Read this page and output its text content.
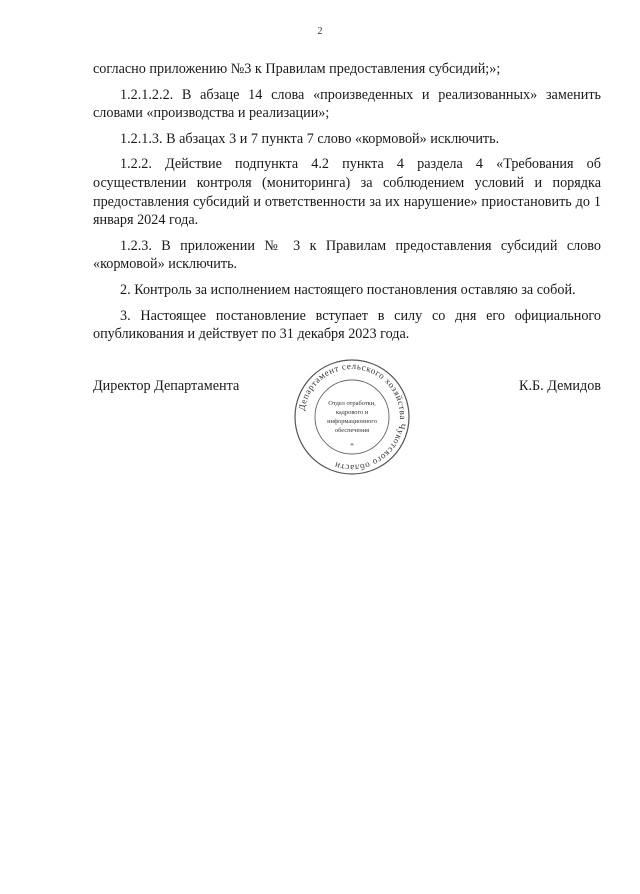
2

согласно приложению №3 к Правилам предоставления субсидий;»;

1.2.1.2.2. В абзаце 14 слова «произведенных и реализованных» заменить словами «производства и реализации»;

1.2.1.3. В абзацах 3 и 7 пункта 7 слово «кормовой» исключить.

1.2.2. Действие подпункта 4.2 пункта 4 раздела 4 «Требования об осуществлении контроля (мониторинга) за соблюдением условий и порядка предоставления субсидий и ответственности за их нарушение» приостановить до 1 января 2024 года.

1.2.3. В приложении № 3 к Правилам предоставления субсидий слово «кормовой» исключить.

2. Контроль за исполнением настоящего постановления оставляю за собой.

3. Настоящее постановление вступает в силу со дня его официального опубликования и действует по 31 декабря 2023 года.

Директор Департамента
Департамент сельского хозяйства Чукотского области
Отдел отработки,
кадрового и
информационного
обеспечения
*
К.Б. Демидов
